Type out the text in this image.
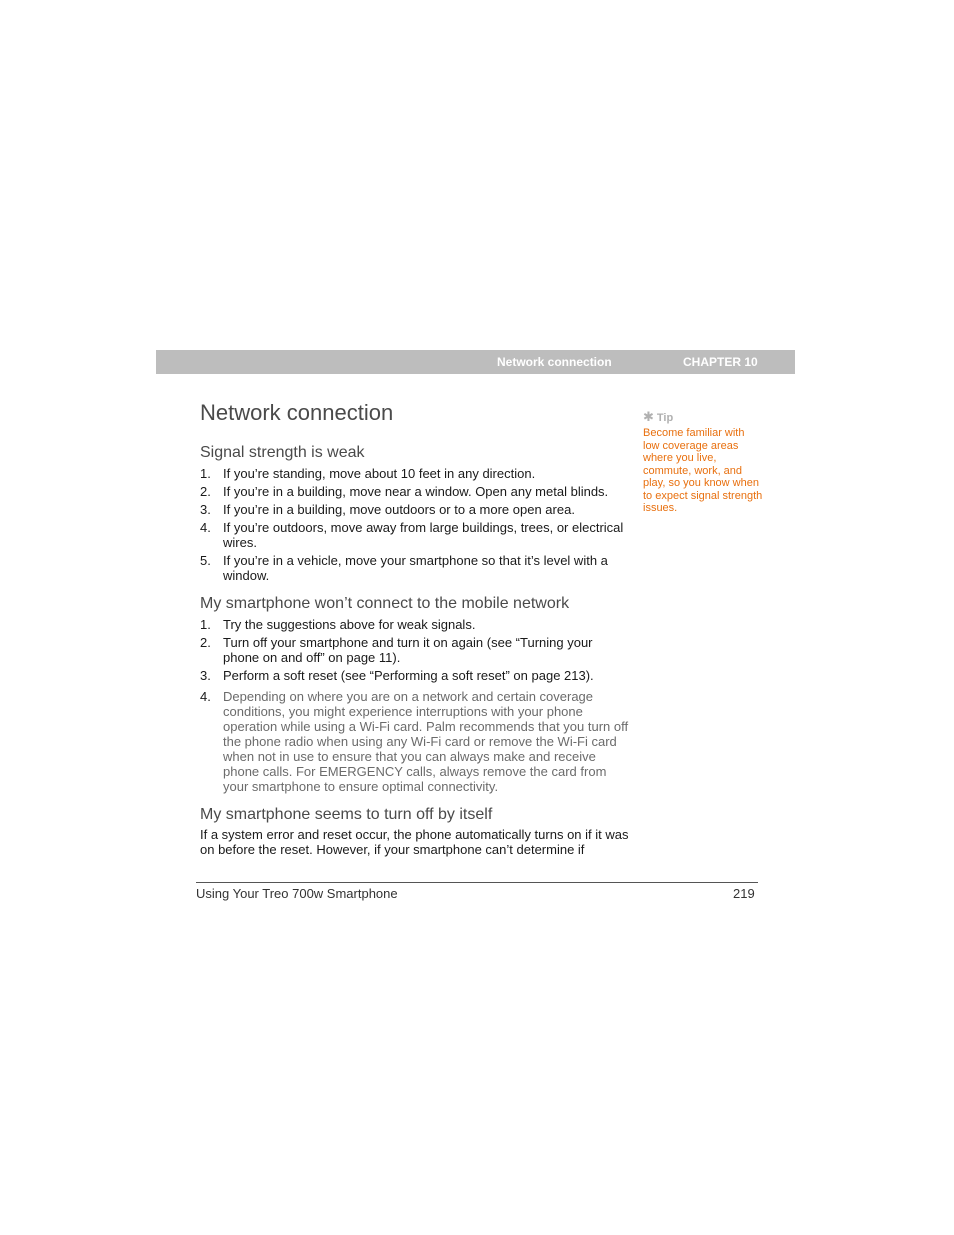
Network connection	CHAPTER 10
Network connection
Signal strength is weak
1. If you’re standing, move about 10 feet in any direction.
2. If you’re in a building, move near a window. Open any metal blinds.
3. If you’re in a building, move outdoors or to a more open area.
4. If you’re outdoors, move away from large buildings, trees, or electrical wires.
5. If you’re in a vehicle, move your smartphone so that it’s level with a window.
My smartphone won’t connect to the mobile network
1. Try the suggestions above for weak signals.
2. Turn off your smartphone and turn it on again (see “Turning your phone on and off” on page 11).
3. Perform a soft reset (see “Performing a soft reset” on page 213).
4. Depending on where you are on a network and certain coverage conditions, you might experience interruptions with your phone operation while using a Wi-Fi card. Palm recommends that you turn off the phone radio when using any Wi-Fi card or remove the Wi-Fi card when not in use to ensure that you can always make and receive phone calls. For EMERGENCY calls, always remove the card from your smartphone to ensure optimal connectivity.
My smartphone seems to turn off by itself

If a system error and reset occur, the phone automatically turns on if it was on before the reset. However, if your smartphone can’t determine if

✱ Tip
Become familiar with low coverage areas where you live, commute, work, and play, so you know when to expect signal strength issues.
Using Your Treo 700w Smartphone	219
